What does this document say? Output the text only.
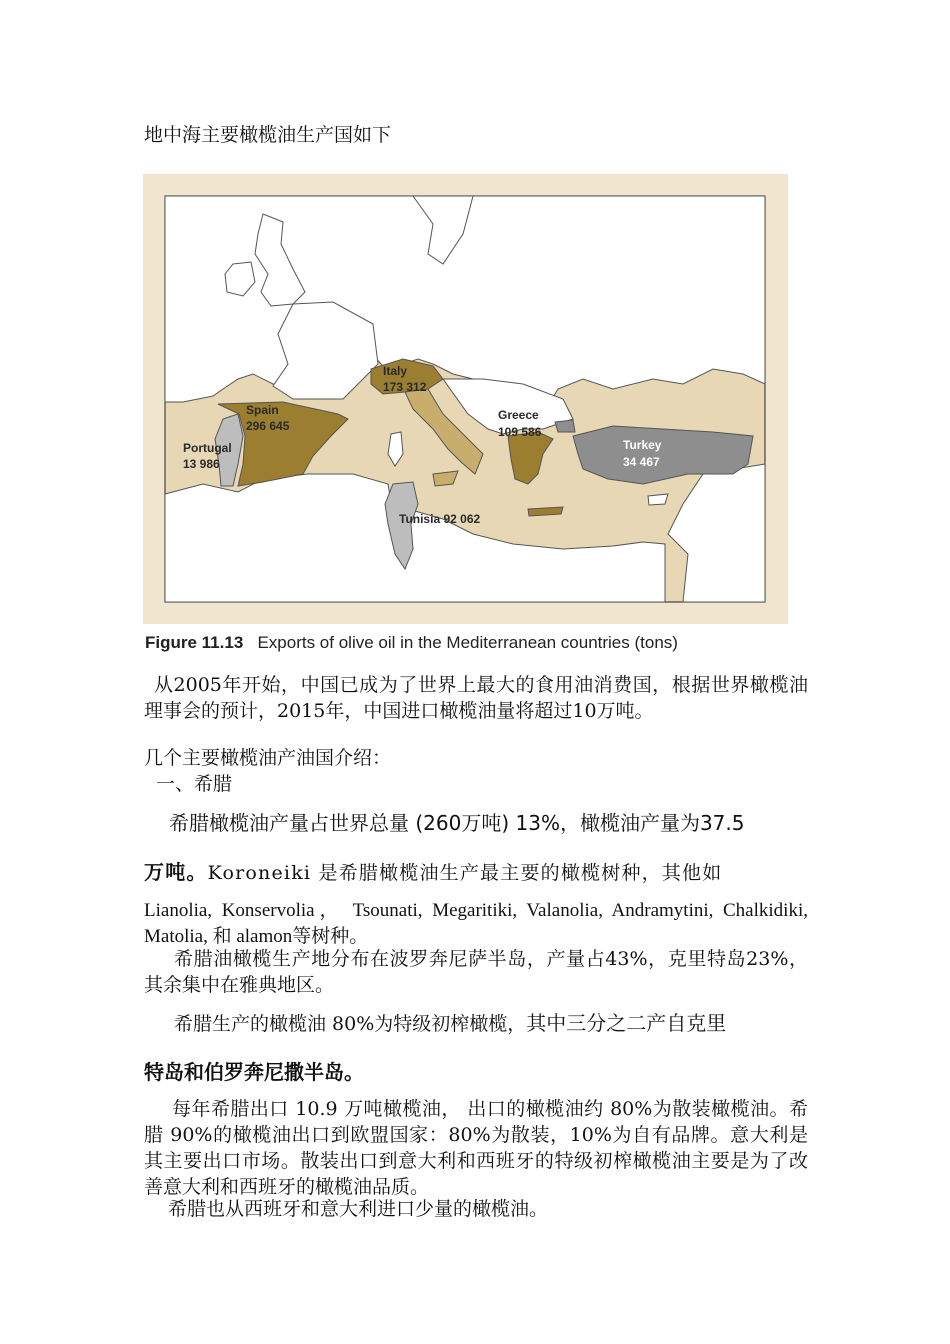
地中海主要橄榄油生产国如下

Italy
173 312
Spain
296 645
Portugal
13 986
Greece
109 586
Turkey
34 467
Tunisia 92 062
Figure 11.13 Exports of olive oil in the Mediterranean countries (tons)

从2005年开始，中国已成为了世界上最大的食用油消费国，根据世界橄榄油理事会的预计，2015年，中国进口橄榄油量将超过10万吨。

几个主要橄榄油产油国介绍：

一、希腊

希腊橄榄油产量占世界总量 (260万吨) 13%，橄榄油产量为37.5

万吨。Koroneiki 是希腊橄榄油生产最主要的橄榄树种，其他如

Lianolia, Konservolia， Tsounati, Megaritiki, Valanolia, Andramytini, Chalkidiki, Matolia, 和 alamon等树种。

希腊油橄榄生产地分布在波罗奔尼萨半岛，产量占43%，克里特岛23%，其余集中在雅典地区。

希腊生产的橄榄油 80%为特级初榨橄榄，其中三分之二产自克里

特岛和伯罗奔尼撒半岛。

每年希腊出口 10.9 万吨橄榄油， 出口的橄榄油约 80%为散装橄榄油。希腊 90%的橄榄油出口到欧盟国家：80%为散装，10%为自有品牌。意大利是其主要出口市场。散装出口到意大利和西班牙的特级初榨橄榄油主要是为了改善意大利和西班牙的橄榄油品质。

希腊也从西班牙和意大利进口少量的橄榄油。
